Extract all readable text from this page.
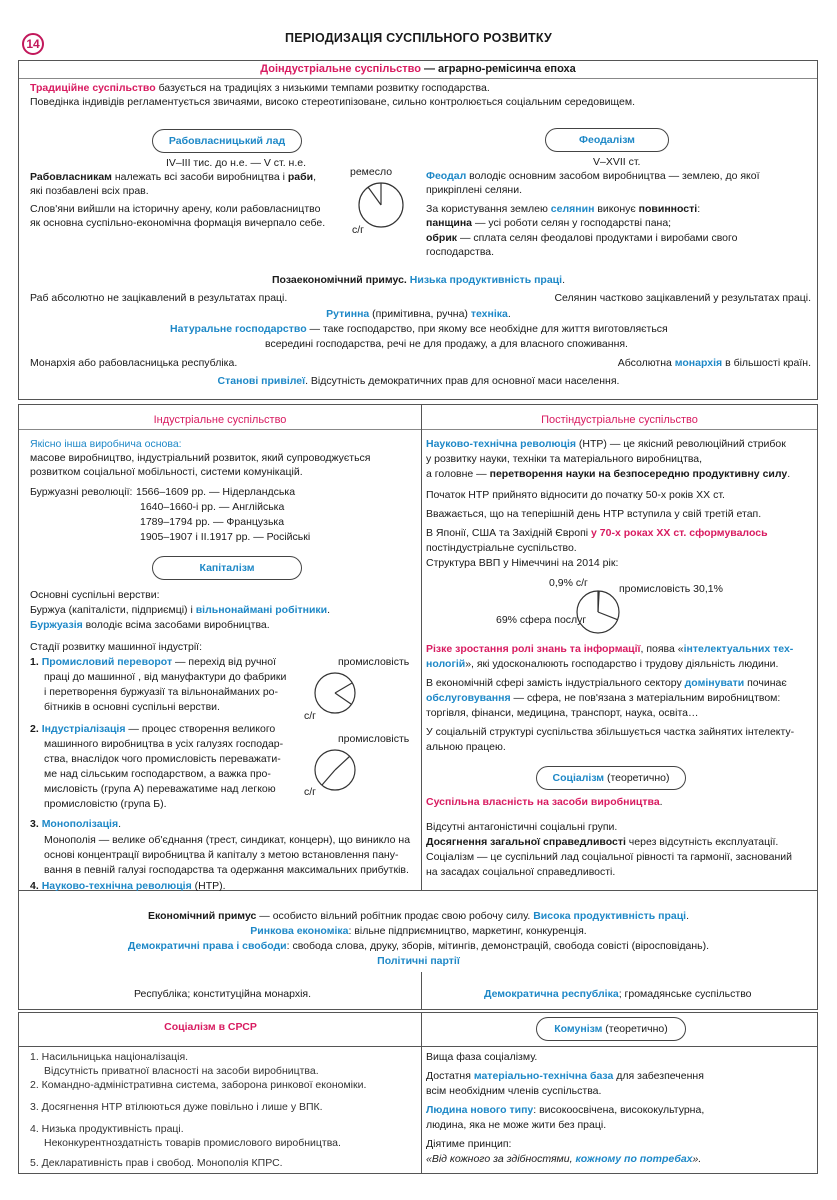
14	ПЕРІОДИЗАЦІЯ СУСПІЛЬНОГО РОЗВИТКУ
Доіндустріальне суспільство — аграрно-ремісинча епоха
Традиційне суспільство базується на традиціях з низькими темпами розвитку господарства.
Поведінка індивідів регламентується звичаями, високо стереотипізоване, сильно контролюється соціальним середовищем.
Рабовласницький лад
IV–III тис. до н.е. — V ст. н.е.
Рабовласникам належать всі засоби виробництва і раби,
які позбавлені всіх прав.
Слов'яни вийшли на історичну арену, коли рабовласництво
як основна суспільно-економічна формація вичерпало себе.
ремесло
с/г
Феодалізм
V–XVII ст.
Феодал володіє основним засобом виробництва — землею, до якої
прикріплені селяни.
За користування землею селянин виконує повинності:
панщина — усі роботи селян у господарстві пана;
обрик — сплата селян феодалові продуктами і виробами свого
господарства.
Позаекономічний примус. Низька продуктивність праці.
Раб абсолютно не зацікавлений в результатах праці.	Селянин частково зацікавлений у результатах праці.
Рутинна (примітивна, ручна) техніка.
Натуральне господарство — таке господарство, при якому все необхідне для життя виготовляється
всередині господарства, речі не для продажу, а для власного споживання.
Монархія або рабовласницька республіка.	Абсолютна монархія в більшості країн.
Станові привілеї. Відсутність демократичних прав для основної маси населення.
Індустріальне суспільство
Якісно інша виробнича основа:
масове виробництво, індустріальний розвиток, який супроводжується
розвитком соціальної мобільності, системи комунікацій.
Буржуазні революції: 1566–1609 рр. — Нідерландська
1640–1660-і рр. — Англійська
1789–1794 рр. — Французька
1905–1907 і ІІ.1917 рр. — Російські
Капіталізм
Основні суспільні верстви:
Буржуа (капіталісти, підприємці) і вільнонаймані робітники.
Буржуазія володіє всіма засобами виробництва.
Стадії розвитку машинної індустрії:
1. Промисловий переворот — перехід від ручної
праці до машинної , від мануфактури до фабрики
і перетворення буржуазії та вільнонайманих ро-
бітників в основні суспільні верстви.
промисловість
с/г
2. Індустріалізація — процес створення великого
машинного виробництва в усіх галузях господар-
ства, внаслідок чого промисловість переважати-
ме над сільським господарством, а важка про-
мисловість (група А) переважатиме над легкою
промисловістю (група Б).
промисловість
с/г
3. Монополізація.
Монополія — велике об'єднання (трест, синдикат, концерн), що виникло на
основі концентрації виробництва й капіталу з метою встановлення пану-
вання в певній галузі господарства та одержання максимальних прибутків.
4. Науково-технічна революція (НТР).
Постіндустріальне суспільство
Науково-технічна революція (НТР) — це якісний революційний стрибок
у розвитку науки, техніки та матеріального виробництва,
а головне — перетворення науки на безпосередню продуктивну силу.
Початок НТР прийнято відносити до початку 50-х років ХХ ст.
Вважається, що на теперішній день НТР вступила у свій третій етап.
В Японії, США та Західній Європі у 70-х роках ХХ ст. сформувалось
постіндустріальне суспільство.
Структура ВВП у Німеччині на 2014 рік:
0,9% с/г	промисловість 30,1%
69% сфера послуг
Різке зростання ролі знань та інформації, поява «інтелектуальних тех-
нологій», які удосконалюють господарство і трудову діяльність людини.
В економічній сфері замість індустріального сектору домінувати починає
обслуговування — сфера, не пов'язана з матеріальним виробництвом:
торгівля, фінанси, медицина, транспорт, наука, освіта…
У соціальній структурі суспільства збільшується частка зайнятих інтелекту-
альною працею.
Соціалізм (теоретично)
Суспільна власність на засоби виробництва.
Відсутні антагоністичні соціальні групи.
Досягнення загальної справедливості через відсутність експлуатації.
Соціалізм — це суспільний лад соціальної рівності та гармонії, заснований
на засадах соціальної справедливості.
Економічний примус — особисто вільний робітник продає свою робочу силу. Висока продуктивність праці.
Ринкова економіка: вільне підприємництво, маркетинг, конкуренція.
Демократичні права і свободи: свобода слова, друку, зборів, мітингів, демонстрацій, свобода совісті (віросповідань).
Політичні партії
Республіка; конституційна монархія.	Демократична республіка; громадянське суспільство
Соціалізм в СРСР
1. Насильницька націоналізація.
Відсутність приватної власності на засоби виробництва.
2. Командно-адміністративна система, заборона ринкової економіки.
3. Досягнення НТР втілюються дуже повільно і лише у ВПК.
4. Низька продуктивність праці.
Неконкурентноздатність товарів промислового виробництва.
5. Декларативність прав і свобод. Монополія КПРС.
Комунізм (теоретично)
Вища фаза соціалізму.
Достатня матеріально-технічна база для забезпечення
всім необхідним членів суспільства.
Людина нового типу: високоосвічена, висококультурна,
людина, яка не може жити без праці.
Діятиме принцип:
«Від кожного за здібностями, кожному по потребах».
